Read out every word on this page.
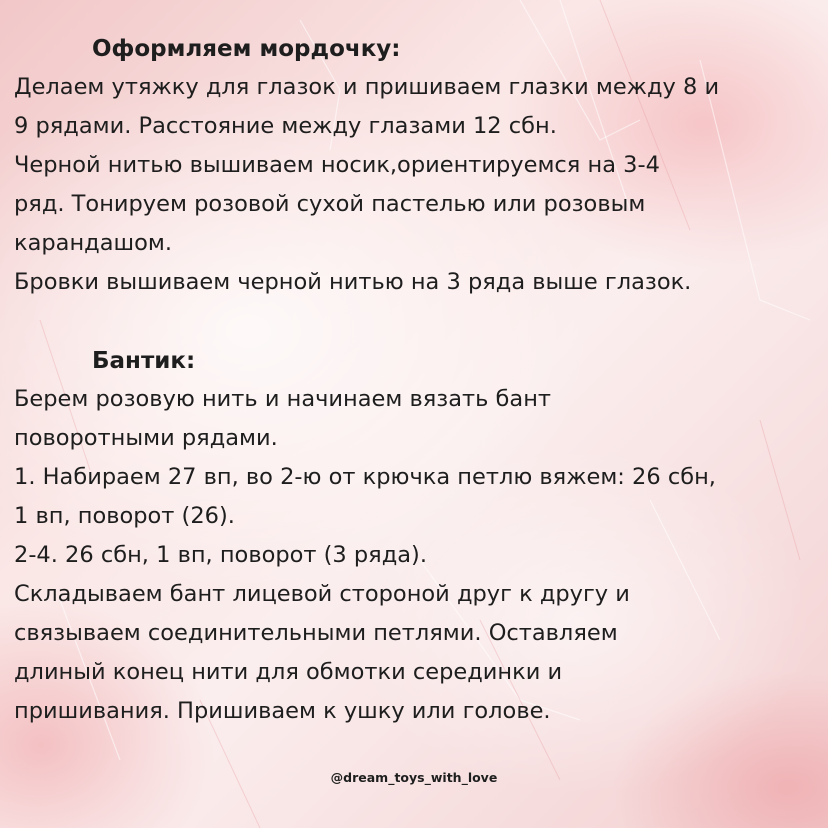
Оформляем мордочку:

Делаем утяжку для глазок и пришиваем глазки между 8 и

9 рядами. Расстояние между глазами 12 сбн.

Черной нитью вышиваем носик,ориентируемся на 3-4

ряд. Тонируем розовой сухой пастелью или розовым

карандашом.

Бровки вышиваем черной нитью на 3 ряда выше глазок.

Бантик:

Берем розовую нить и начинаем вязать бант

поворотными рядами.

1. Набираем 27 вп, во 2-ю от крючка петлю вяжем: 26 сбн,

1 вп, поворот (26).

2-4. 26 сбн, 1 вп, поворот (3 ряда).

Складываем бант лицевой стороной друг к другу и

связываем соединительными петлями. Оставляем

длиный конец нити для обмотки серединки и

пришивания. Пришиваем к ушку или голове.

@dream_toys_with_love
